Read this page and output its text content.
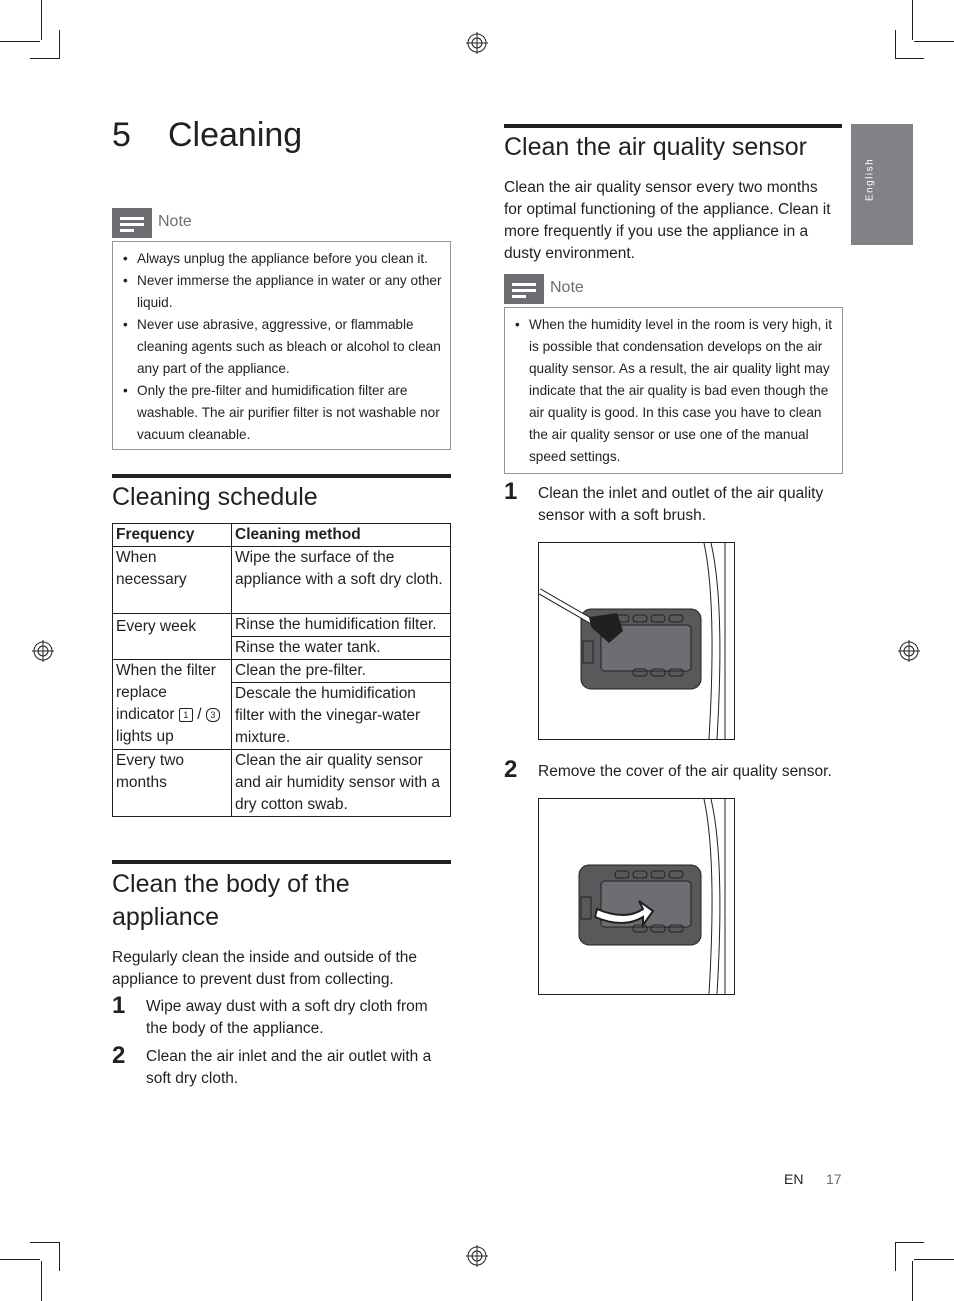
English
5 Cleaning
Note
• Always unplug the appliance before you clean it.
• Never immerse the appliance in water or any other liquid.
• Never use abrasive, aggressive, or flammable cleaning agents such as bleach or alcohol to clean any part of the appliance.
• Only the pre-filter and humidification filter are washable. The air purifier filter is not washable nor vacuum cleanable.
Cleaning schedule
Frequency	Cleaning method
When necessary	Wipe the surface of the appliance with a soft dry cloth.
Every week	Rinse the humidification filter.
	Rinse the water tank.
When the filter replace indicator 1 / 3 lights up	Clean the pre-filter.
	Descale the humidification filter with the vinegar-water mixture.
Every two months	Clean the air quality sensor and air humidity sensor with a dry cotton swab.
Clean the body of the appliance
Regularly clean the inside and outside of the appliance to prevent dust from collecting.
1 Wipe away dust with a soft dry cloth from the body of the appliance.
2 Clean the air inlet and the air outlet with a soft dry cloth.
Clean the air quality sensor
Clean the air quality sensor every two months for optimal functioning of the appliance. Clean it more frequently if you use the appliance in a dusty environment.
Note
• When the humidity level in the room is very high, it is possible that condensation develops on the air quality sensor. As a result, the air quality light may indicate that the air quality is bad even though the air quality is good. In this case you have to clean the air quality sensor or use one of the manual speed settings.
1 Clean the inlet and outlet of the air quality sensor with a soft brush.
2 Remove the cover of the air quality sensor.
EN 17
